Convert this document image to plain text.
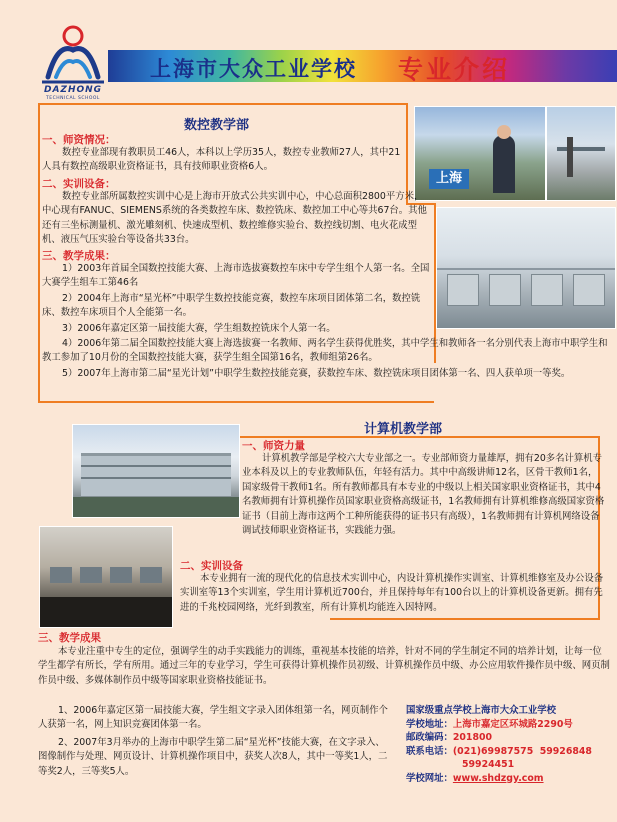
DAZHONG
TECHNICAL SCHOOL
上海市大众工业学校 专业介绍
上海
数控教学部
一、师资情况：
数控专业部现有教职员工46人，本科以上学历35人，数控专业教师27人，其中21人具有数控高级职业资格证书，具有技师职业资格6人。
二、实训设备：
数控专业部所属数控实训中心是上海市开放式公共实训中心，中心总面积2800平方米，中心现有FANUC、SIEMENS系统的各类数控车床、数控铣床、数控加工中心等共67台。其他还有三坐标测量机、激光雕刻机、快速成型机、数控维修实验台、数控线切割、电火花成型机、液压气压实验台等设备共33台。
三、教学成果：
1）2003年首届全国数控技能大赛、上海市选拔赛数控车床中专学生组个人第一名。全国大赛学生组车工第46名
2）2004年上海市“星光杯”中职学生数控技能竞赛，数控车床项目团体第二名，数控铣床、数控车床项目个人全能第一名。
3）2006年嘉定区第一届技能大赛，学生组数控铣床个人第一名。
4）2006年第二届全国数控技能大赛上海选拔赛一名教师、两名学生获得优胜奖，其中学生和教师各一名分别代表上海市中职学生和教工参加了10月份的全国数控技能大赛，获学生组全国第16名，教师组第26名。
5）2007年上海市第二届“星光计划”中职学生数控技能竞赛，获数控车床、数控铣床项目团体第一名、四人获单项一等奖。
计算机教学部
一、师资力量
计算机教学部是学校六大专业部之一。专业部师资力量雄厚，拥有20多名计算机专业本科及以上的专业教师队伍，年轻有活力。其中中高级讲师12名，区骨干教师1名，国家级骨干教师1名。所有教师都具有本专业的中级以上相关国家职业资格证书，其中4名教师拥有计算机操作员国家职业资格高级证书，1名教师拥有计算机维修高级国家资格证书（目前上海市这两个工种所能获得的证书只有高级），1名教师拥有计算机网络设备调试技师职业资格证书，实践能力强。
二、实训设备
本专业拥有一流的现代化的信息技术实训中心，内设计算机操作实训室、计算机维修室及办公设备实训室等13个实训室，学生用计算机近700台，并且保持每年有100台以上的计算机设备更新。拥有先进的千兆校园网络，光纤到教室，所有计算机均能连入因特网。
三、教学成果
本专业注重中专生的定位，强调学生的动手实践能力的训练，重视基本技能的培养，针对不同的学生制定不同的培养计划，让每一位学生都学有所长，学有所用。通过三年的专业学习，学生可获得计算机操作员初级、计算机操作员中级、办公应用软件操作员中级、网页制作员中级、多媒体制作员中级等国家职业资格技能证书。
1、2006年嘉定区第一届技能大赛，学生组文字录入团体组第一名，网页制作个人获第一名，网上知识竞赛团体第一名。
2、2007年3月举办的上海市中职学生第二届“星光杯”技能大赛，在文字录入、图像制作与处理、网页设计、计算机操作项目中，获奖人次8人，其中一等奖1人，二等奖2人，三等奖5人。
国家级重点学校上海市大众工业学校
学校地址：上海市嘉定区环城路2290号
邮政编码：201800
联系电话：(021)69987575  59926848
59924451
学校网址：www.shdzgy.com
